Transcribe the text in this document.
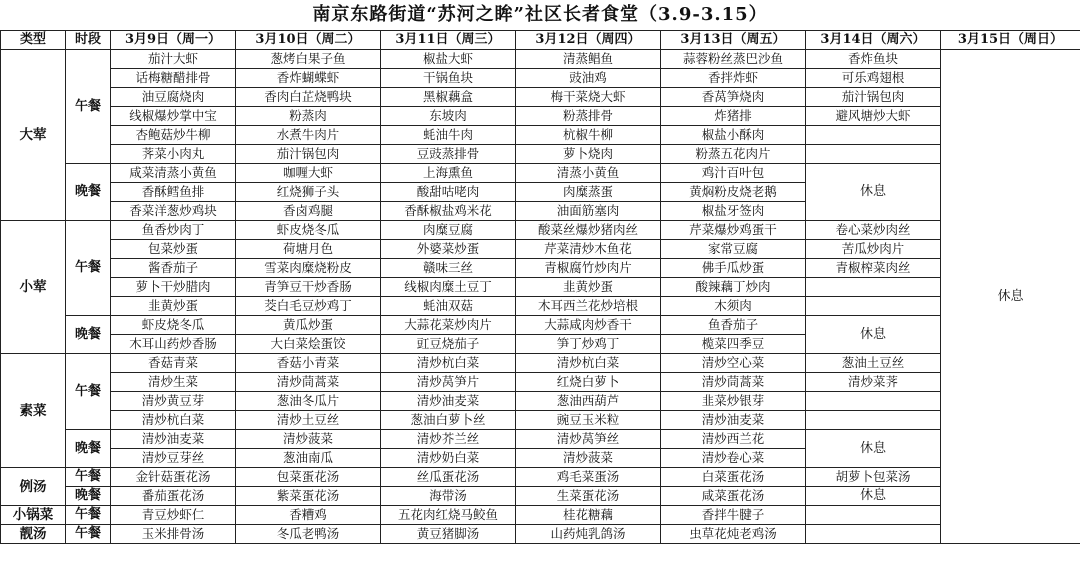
南京东路街道“苏河之眸”社区长者食堂（3.9-3.15）
类型	时段	3月9日（周一）	3月10日（周二）	3月11日（周三）	3月12日（周四）	3月13日（周五）	3月14日（周六）	3月15日（周日）
大荤	午餐	茄汁大虾	葱烤白果子鱼	椒盐大虾	清蒸鲳鱼	蒜蓉粉丝蒸巴沙鱼	香炸鱼块	休息
		话梅糖醋排骨	香炸蝴蝶虾	干锅鱼块	豉油鸡	香拌炸虾	可乐鸡翅根	
		油豆腐烧肉	香肉白芷烧鸭块	黑椒藕盒	梅干菜烧大虾	香莴笋烧肉	茄汁锅包肉	
		线椒爆炒掌中宝	粉蒸肉	东坡肉	粉蒸排骨	炸猪排	避风塘炒大虾	
		杏鲍菇炒牛柳	水煮牛肉片	蚝油牛肉	杭椒牛柳	椒盐小酥肉		
		荠菜小肉丸	茄汁锅包肉	豆豉蒸排骨	萝卜烧肉	粉蒸五花肉片		
	晚餐	咸菜清蒸小黄鱼	咖喱大虾	上海熏鱼	清蒸小黄鱼	鸡汁百叶包	休息	
		香酥鳕鱼排	红烧狮子头	酸甜咕咾肉	肉糜蒸蛋	黄焖粉皮烧老鹅		
		香菜洋葱炒鸡块	香卤鸡腿	香酥椒盐鸡米花	油面筋塞肉	椒盐牙签肉		
小荤	午餐	鱼香炒肉丁	虾皮烧冬瓜	肉糜豆腐	酸菜丝爆炒猪肉丝	芹菜爆炒鸡蛋干	卷心菜炒肉丝	
		包菜炒蛋	荷塘月色	外婆菜炒蛋	芹菜清炒木鱼花	家常豆腐	苦瓜炒肉片	
		酱香茄子	雪菜肉糜烧粉皮	赣味三丝	青椒腐竹炒肉片	佛手瓜炒蛋	青椒榨菜肉丝	
		萝卜干炒腊肉	青笋豆干炒香肠	线椒肉糜土豆丁	韭黄炒蛋	酸辣藕丁炒肉		
		韭黄炒蛋	茭白毛豆炒鸡丁	蚝油双菇	木耳西兰花炒培根	木须肉		
	晚餐	虾皮烧冬瓜	黄瓜炒蛋	大蒜花菜炒肉片	大蒜咸肉炒香干	鱼香茄子	休息	
		木耳山药炒香肠	大白菜烩蛋饺	豇豆烧茄子	笋丁炒鸡丁	榄菜四季豆		
素菜	午餐	香菇青菜	香菇小青菜	清炒杭白菜	清炒杭白菜	清炒空心菜	葱油土豆丝	
		清炒生菜	清炒茼蒿菜	清炒莴笋片	红烧白萝卜	清炒茼蒿菜	清炒菜荠	
		清炒黄豆芽	葱油冬瓜片	清炒油麦菜	葱油西葫芦	韭菜炒银芽		
		清炒杭白菜	清炒土豆丝	葱油白萝卜丝	豌豆玉米粒	清炒油麦菜		
	晚餐	清炒油麦菜	清炒菠菜	清炒芥兰丝	清炒莴笋丝	清炒西兰花	休息	
		清炒豆芽丝	葱油南瓜	清炒奶白菜	清炒菠菜	清炒卷心菜		
例汤	午餐	金针菇蛋花汤	包菜蛋花汤	丝瓜蛋花汤	鸡毛菜蛋汤	白菜蛋花汤	胡萝卜包菜汤	
	晚餐	番茄蛋花汤	紫菜蛋花汤	海带汤	生菜蛋花汤	咸菜蛋花汤	休息	
小锅菜	午餐	青豆炒虾仁	香糟鸡	五花肉红烧马鲛鱼	桂花糖藕	香拌牛腱子		
靓汤	午餐	玉米排骨汤	冬瓜老鸭汤	黄豆猪脚汤	山药炖乳鸽汤	虫草花炖老鸡汤		
